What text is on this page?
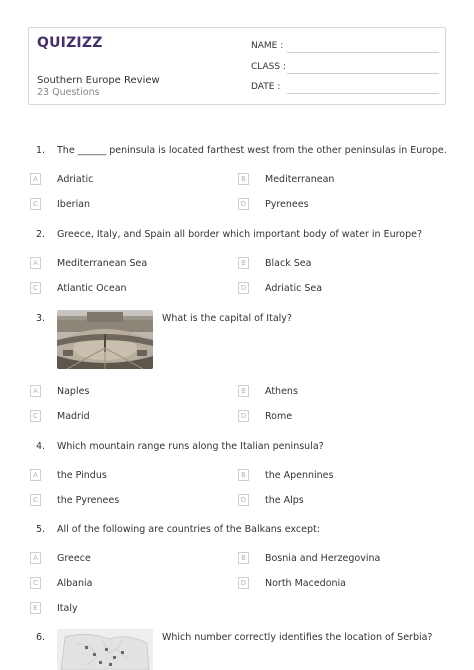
QUIZIZZ
Southern Europe Review
23 Questions
NAME :
CLASS :
DATE :
1. The ______ peninsula is located farthest west from the other peninsulas in Europe.
A	Adriatic	B	Mediterranean
C	Iberian	D Pyrenees
2. Greece, Italy, and Spain all border which important body of water in Europe?
A	Mediterranean Sea	B	Black Sea
C	Atlantic Ocean	D Adriatic Sea
3.	What is the capital of Italy?
A	Naples	B	Athens
C	Madrid	D Rome
4. Which mountain range runs along the Italian peninsula?
A	the Pindus	B	the Apennines
C	the Pyrenees	D the Alps
5. All of the following are countries of the Balkans except:
A	Greece	B	Bosnia and Herzegovina
C	Albania	D North Macedonia
E	Italy
6.	Which number correctly identifies the location of Serbia?
